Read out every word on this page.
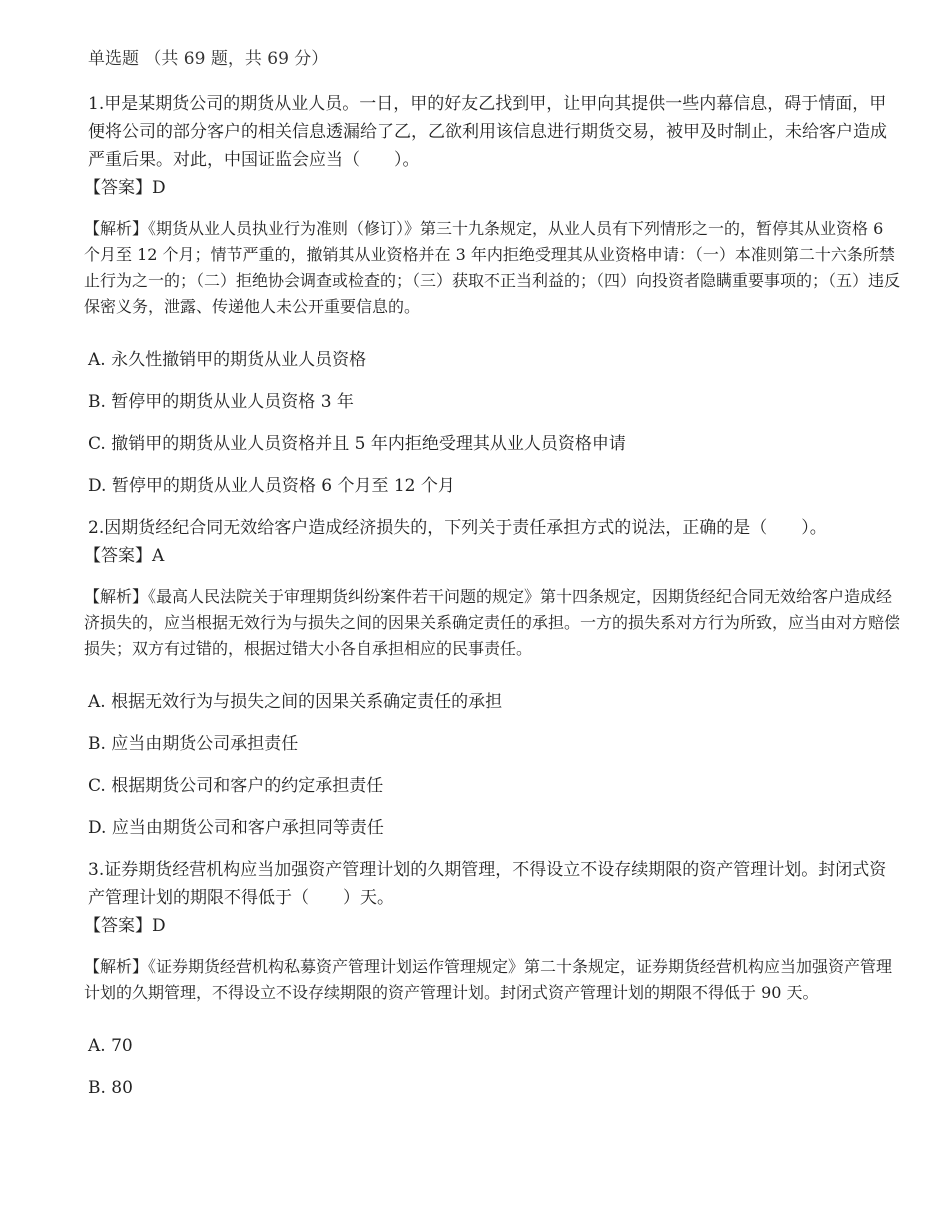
单选题 （共 69 题，共 69 分）

1.甲是某期货公司的期货从业人员。一日，甲的好友乙找到甲，让甲向其提供一些内幕信息，碍于情面，甲便将公司的部分客户的相关信息透漏给了乙，乙欲利用该信息进行期货交易，被甲及时制止，未给客户造成严重后果。对此，中国证监会应当（　　）。

【答案】D

【解析】《期货从业人员执业行为准则（修订）》第三十九条规定，从业人员有下列情形之一的，暂停其从业资格 6 个月至 12 个月；情节严重的，撤销其从业资格并在 3 年内拒绝受理其从业资格申请：（一）本准则第二十六条所禁止行为之一的；（二）拒绝协会调查或检查的；（三）获取不正当利益的；（四）向投资者隐瞒重要事项的；（五）违反保密义务，泄露、传递他人未公开重要信息的。

A. 永久性撤销甲的期货从业人员资格

B. 暂停甲的期货从业人员资格 3 年

C. 撤销甲的期货从业人员资格并且 5 年内拒绝受理其从业人员资格申请

D. 暂停甲的期货从业人员资格 6 个月至 12 个月

2.因期货经纪合同无效给客户造成经济损失的，下列关于责任承担方式的说法，正确的是（　　）。

【答案】A

【解析】《最高人民法院关于审理期货纠纷案件若干问题的规定》第十四条规定，因期货经纪合同无效给客户造成经济损失的，应当根据无效行为与损失之间的因果关系确定责任的承担。一方的损失系对方行为所致，应当由对方赔偿损失；双方有过错的，根据过错大小各自承担相应的民事责任。

A. 根据无效行为与损失之间的因果关系确定责任的承担

B. 应当由期货公司承担责任

C. 根据期货公司和客户的约定承担责任

D. 应当由期货公司和客户承担同等责任

3.证券期货经营机构应当加强资产管理计划的久期管理，不得设立不设存续期限的资产管理计划。封闭式资产管理计划的期限不得低于（　　）天。

【答案】D

【解析】《证券期货经营机构私募资产管理计划运作管理规定》第二十条规定，证券期货经营机构应当加强资产管理计划的久期管理，不得设立不设存续期限的资产管理计划。封闭式资产管理计划的期限不得低于 90 天。

A. 70

B. 80
